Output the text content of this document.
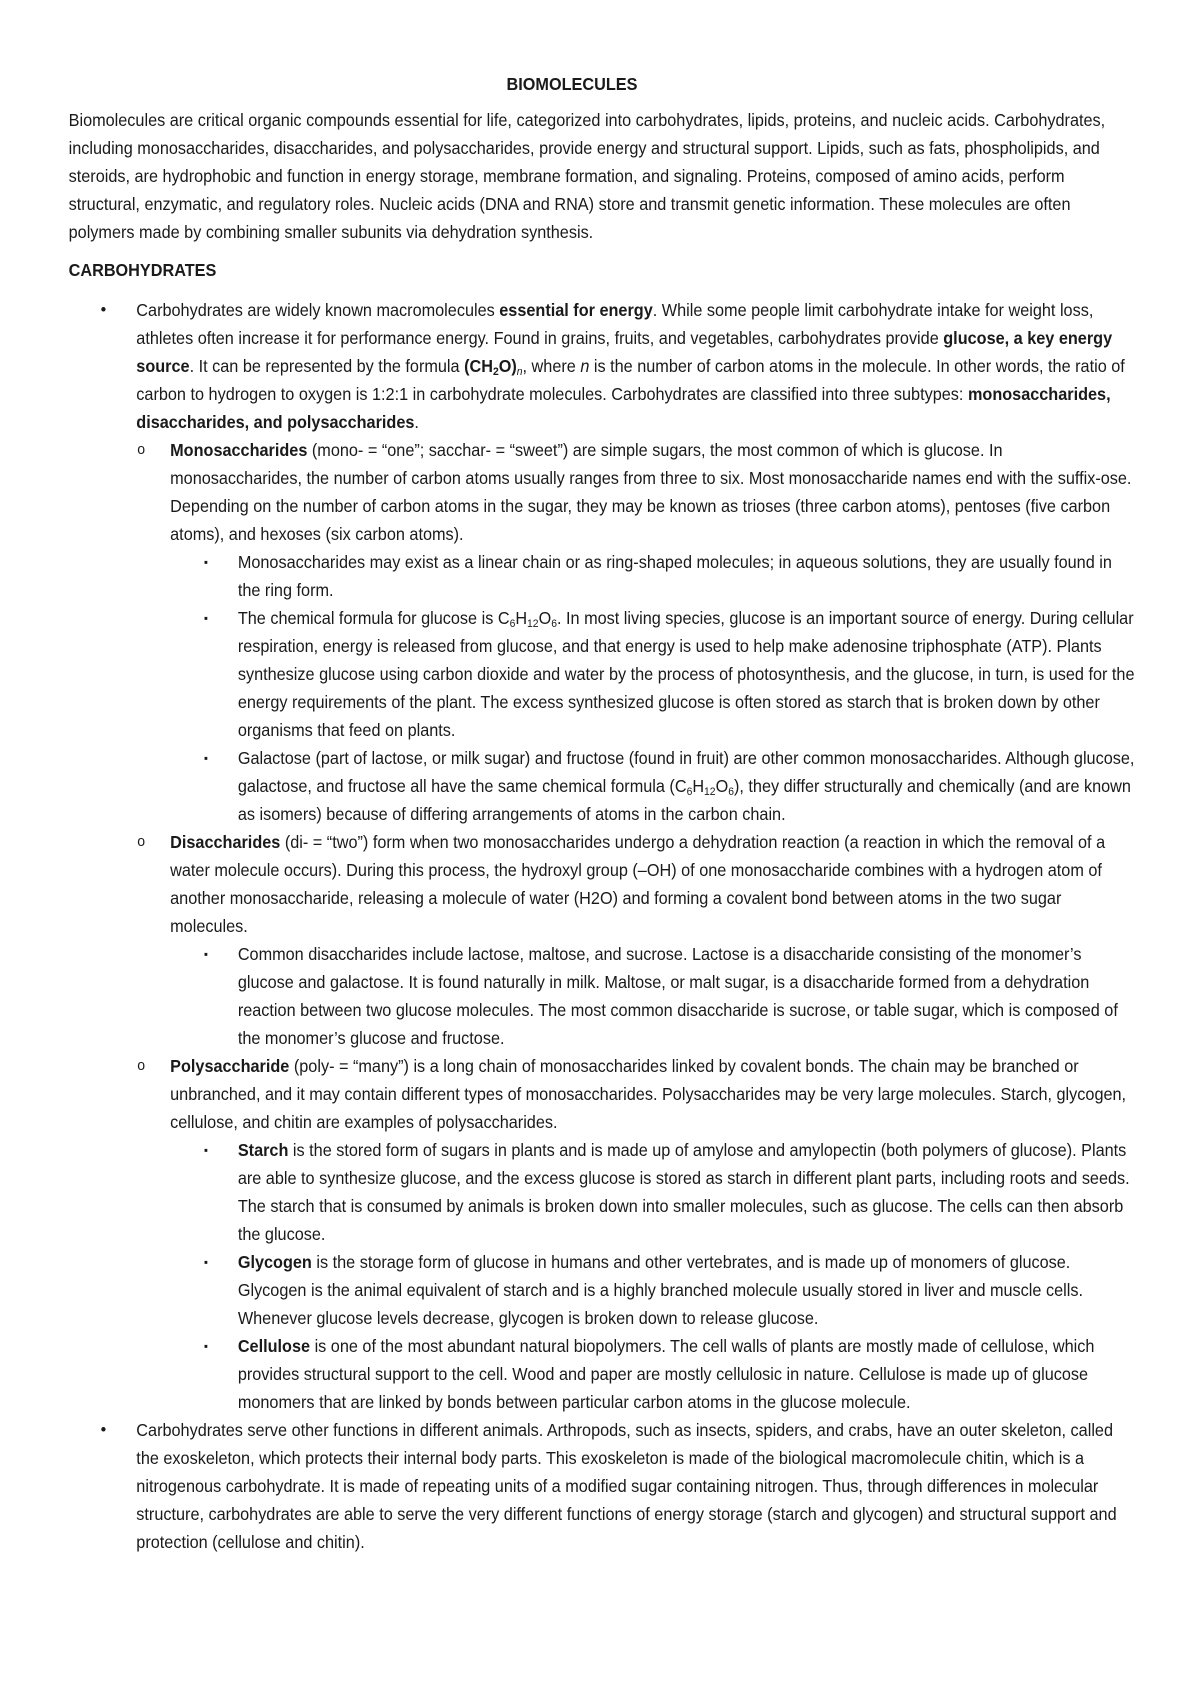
BIOMOLECULES

Biomolecules are critical organic compounds essential for life, categorized into carbohydrates, lipids, proteins, and nucleic acids. Carbohydrates, including monosaccharides, disaccharides, and polysaccharides, provide energy and structural support. Lipids, such as fats, phospholipids, and steroids, are hydrophobic and function in energy storage, membrane formation, and signaling. Proteins, composed of amino acids, perform structural, enzymatic, and regulatory roles. Nucleic acids (DNA and RNA) store and transmit genetic information. These molecules are often polymers made by combining smaller subunits via dehydration synthesis.

CARBOHYDRATES

• Carbohydrates are widely known macromolecules essential for energy. While some people limit carbohydrate intake for weight loss, athletes often increase it for performance energy. Found in grains, fruits, and vegetables, carbohydrates provide glucose, a key energy source. It can be represented by the formula $(CH_2O)_n$, where n is the number of carbon atoms in the molecule. In other words, the ratio of carbon to hydrogen to oxygen is 1:2:1 in carbohydrate molecules. Carbohydrates are classified into three subtypes: monosaccharides, disaccharides, and polysaccharides.
o Monosaccharides (mono- = “one”; sacchar- = “sweet”) are simple sugars, the most common of which is glucose. In monosaccharides, the number of carbon atoms usually ranges from three to six. Most monosaccharide names end with the suffix-ose. Depending on the number of carbon atoms in the sugar, they may be known as trioses (three carbon atoms), pentoses (five carbon atoms), and hexoses (six carbon atoms).
▪ Monosaccharides may exist as a linear chain or as ring-shaped molecules; in aqueous solutions, they are usually found in the ring form.
▪ The chemical formula for glucose is $C_6H_{12}O_6$. In most living species, glucose is an important source of energy. During cellular respiration, energy is released from glucose, and that energy is used to help make adenosine triphosphate (ATP). Plants synthesize glucose using carbon dioxide and water by the process of photosynthesis, and the glucose, in turn, is used for the energy requirements of the plant. The excess synthesized glucose is often stored as starch that is broken down by other organisms that feed on plants.
▪ Galactose (part of lactose, or milk sugar) and fructose (found in fruit) are other common monosaccharides. Although glucose, galactose, and fructose all have the same chemical formula $(C_6H_{12}O_6)$, they differ structurally and chemically (and are known as isomers) because of differing arrangements of atoms in the carbon chain.
o Disaccharides (di- = “two”) form when two monosaccharides undergo a dehydration reaction (a reaction in which the removal of a water molecule occurs). During this process, the hydroxyl group (–OH) of one monosaccharide combines with a hydrogen atom of another monosaccharide, releasing a molecule of water (H2O) and forming a covalent bond between atoms in the two sugar molecules.
▪ Common disaccharides include lactose, maltose, and sucrose. Lactose is a disaccharide consisting of the monomer’s glucose and galactose. It is found naturally in milk. Maltose, or malt sugar, is a disaccharide formed from a dehydration reaction between two glucose molecules. The most common disaccharide is sucrose, or table sugar, which is composed of the monomer’s glucose and fructose.
o Polysaccharide (poly- = “many”) is a long chain of monosaccharides linked by covalent bonds. The chain may be branched or unbranched, and it may contain different types of monosaccharides. Polysaccharides may be very large molecules. Starch, glycogen, cellulose, and chitin are examples of polysaccharides.
▪ Starch is the stored form of sugars in plants and is made up of amylose and amylopectin (both polymers of glucose). Plants are able to synthesize glucose, and the excess glucose is stored as starch in different plant parts, including roots and seeds. The starch that is consumed by animals is broken down into smaller molecules, such as glucose. The cells can then absorb the glucose.
▪ Glycogen is the storage form of glucose in humans and other vertebrates, and is made up of monomers of glucose. Glycogen is the animal equivalent of starch and is a highly branched molecule usually stored in liver and muscle cells. Whenever glucose levels decrease, glycogen is broken down to release glucose.
▪ Cellulose is one of the most abundant natural biopolymers. The cell walls of plants are mostly made of cellulose, which provides structural support to the cell. Wood and paper are mostly cellulosic in nature. Cellulose is made up of glucose monomers that are linked by bonds between particular carbon atoms in the glucose molecule.
• Carbohydrates serve other functions in different animals. Arthropods, such as insects, spiders, and crabs, have an outer skeleton, called the exoskeleton, which protects their internal body parts. This exoskeleton is made of the biological macromolecule chitin, which is a nitrogenous carbohydrate. It is made of repeating units of a modified sugar containing nitrogen. Thus, through differences in molecular structure, carbohydrates are able to serve the very different functions of energy storage (starch and glycogen) and structural support and protection (cellulose and chitin).
